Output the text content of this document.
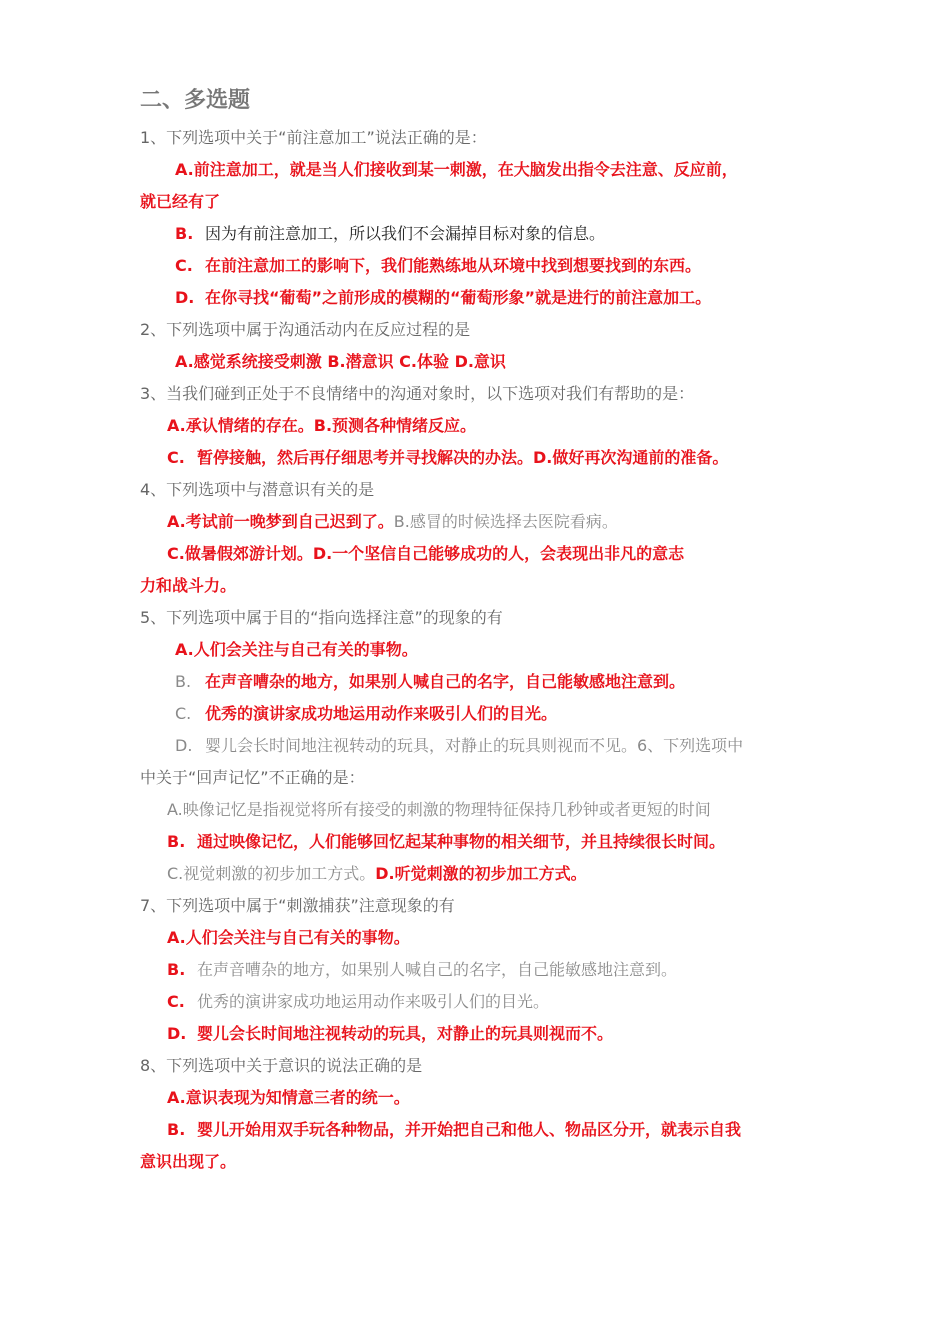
二、多选题
1、下列选项中关于“前注意加工”说法正确的是：
A.前注意加工，就是当人们接收到某一刺激，在大脑发出指令去注意、反应前，
就已经有了
B. 因为有前注意加工，所以我们不会漏掉目标对象的信息。
C. 在前注意加工的影响下，我们能熟练地从环境中找到想要找到的东西。
D. 在你寻找“葡萄”之前形成的模糊的“葡萄形象”就是进行的前注意加工。
2、下列选项中属于沟通活动内在反应过程的是
A.感觉系统接受刺激 B.潜意识 C.体验 D.意识
3、当我们碰到正处于不良情绪中的沟通对象时，以下选项对我们有帮助的是：
A.承认情绪的存在。B.预测各种情绪反应。
C. 暂停接触，然后再仔细思考并寻找解决的办法。D.做好再次沟通前的准备。
4、下列选项中与潜意识有关的是
A.考试前一晚梦到自己迟到了。B.感冒的时候选择去医院看病。
C.做暑假郊游计划。D.一个坚信自己能够成功的人，会表现出非凡的意志
力和战斗力。
5、下列选项中属于目的“指向选择注意”的现象的有
A.人们会关注与自己有关的事物。
B. 在声音嘈杂的地方，如果别人喊自己的名字，自己能敏感地注意到。
C. 优秀的演讲家成功地运用动作来吸引人们的目光。
D. 婴儿会长时间地注视转动的玩具，对静止的玩具则视而不见。6、下列选项中
中关于“回声记忆”不正确的是：
A.映像记忆是指视觉将所有接受的刺激的物理特征保持几秒钟或者更短的时间
B. 通过映像记忆，人们能够回忆起某种事物的相关细节，并且持续很长时间。
C.视觉刺激的初步加工方式。D.听觉刺激的初步加工方式。
7、下列选项中属于“刺激捕获”注意现象的有
A.人们会关注与自己有关的事物。
B. 在声音嘈杂的地方，如果别人喊自己的名字，自己能敏感地注意到。
C. 优秀的演讲家成功地运用动作来吸引人们的目光。
D. 婴儿会长时间地注视转动的玩具，对静止的玩具则视而不。
8、下列选项中关于意识的说法正确的是
A.意识表现为知情意三者的统一。
B. 婴儿开始用双手玩各种物品，并开始把自己和他人、物品区分开，就表示自我
意识出现了。
